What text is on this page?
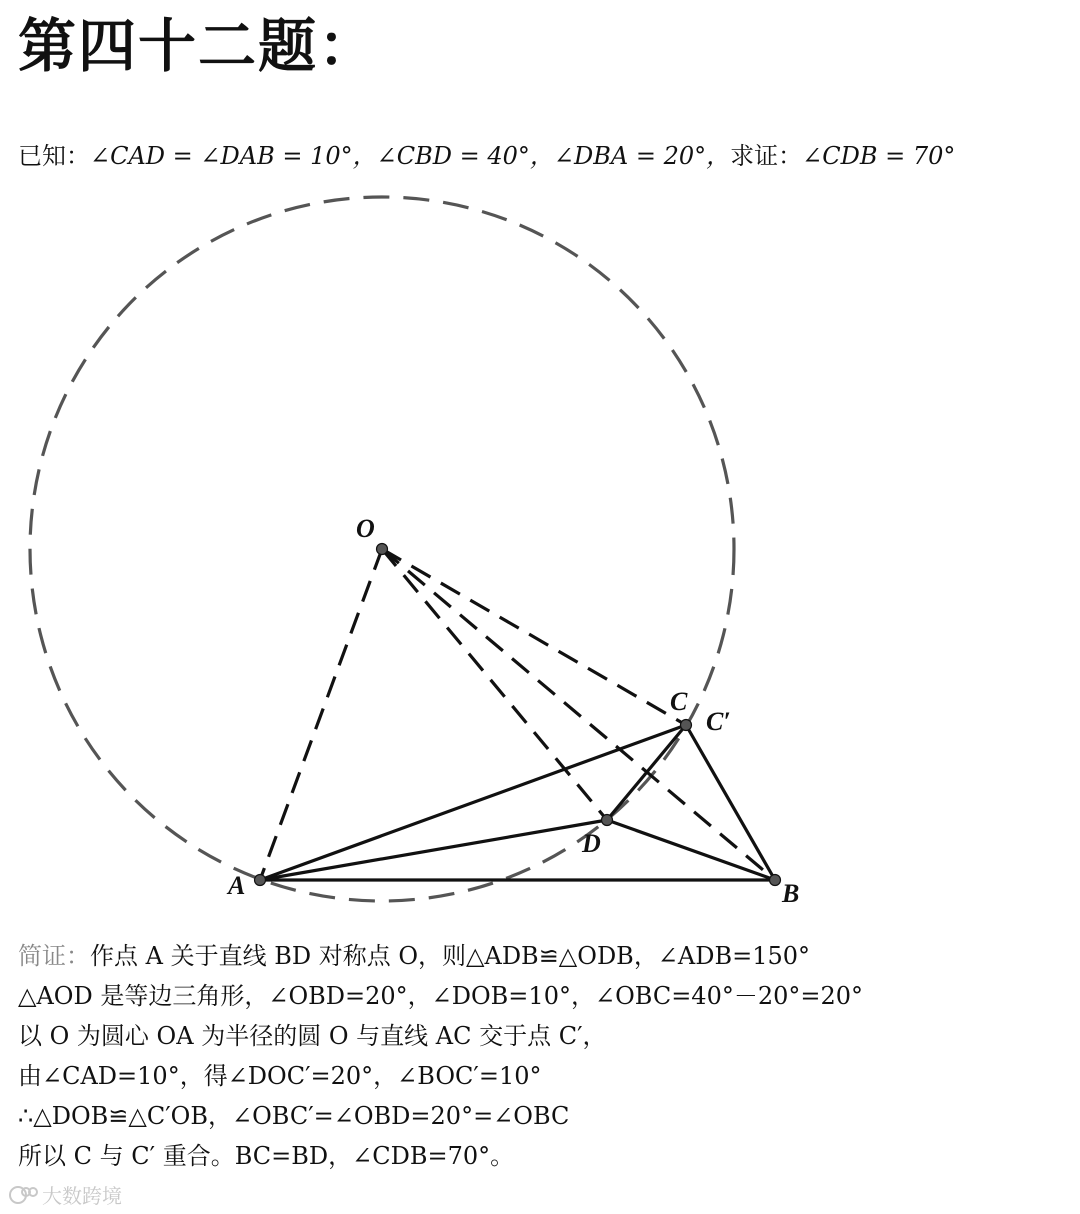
第四十二题：
已知：∠CAD = ∠DAB = 10°，∠CBD = 40°，∠DBA = 20°，求证：∠CDB = 70°
O
A	B
C
C′
D
简证：作点 A 关于直线 BD 对称点 O，则△ADB≌△ODB，∠ADB=150°
△AOD 是等边三角形，∠OBD=20°，∠DOB=10°，∠OBC=40°－20°=20°
以 O 为圆心 OA 为半径的圆 O 与直线 AC 交于点 C′，
由∠CAD=10°，得∠DOC′=20°，∠BOC′=10°
∴△DOB≌△C′OB，∠OBC′=∠OBD=20°=∠OBC
所以 C 与 C′ 重合。BC=BD，∠CDB=70°。
大数跨境
